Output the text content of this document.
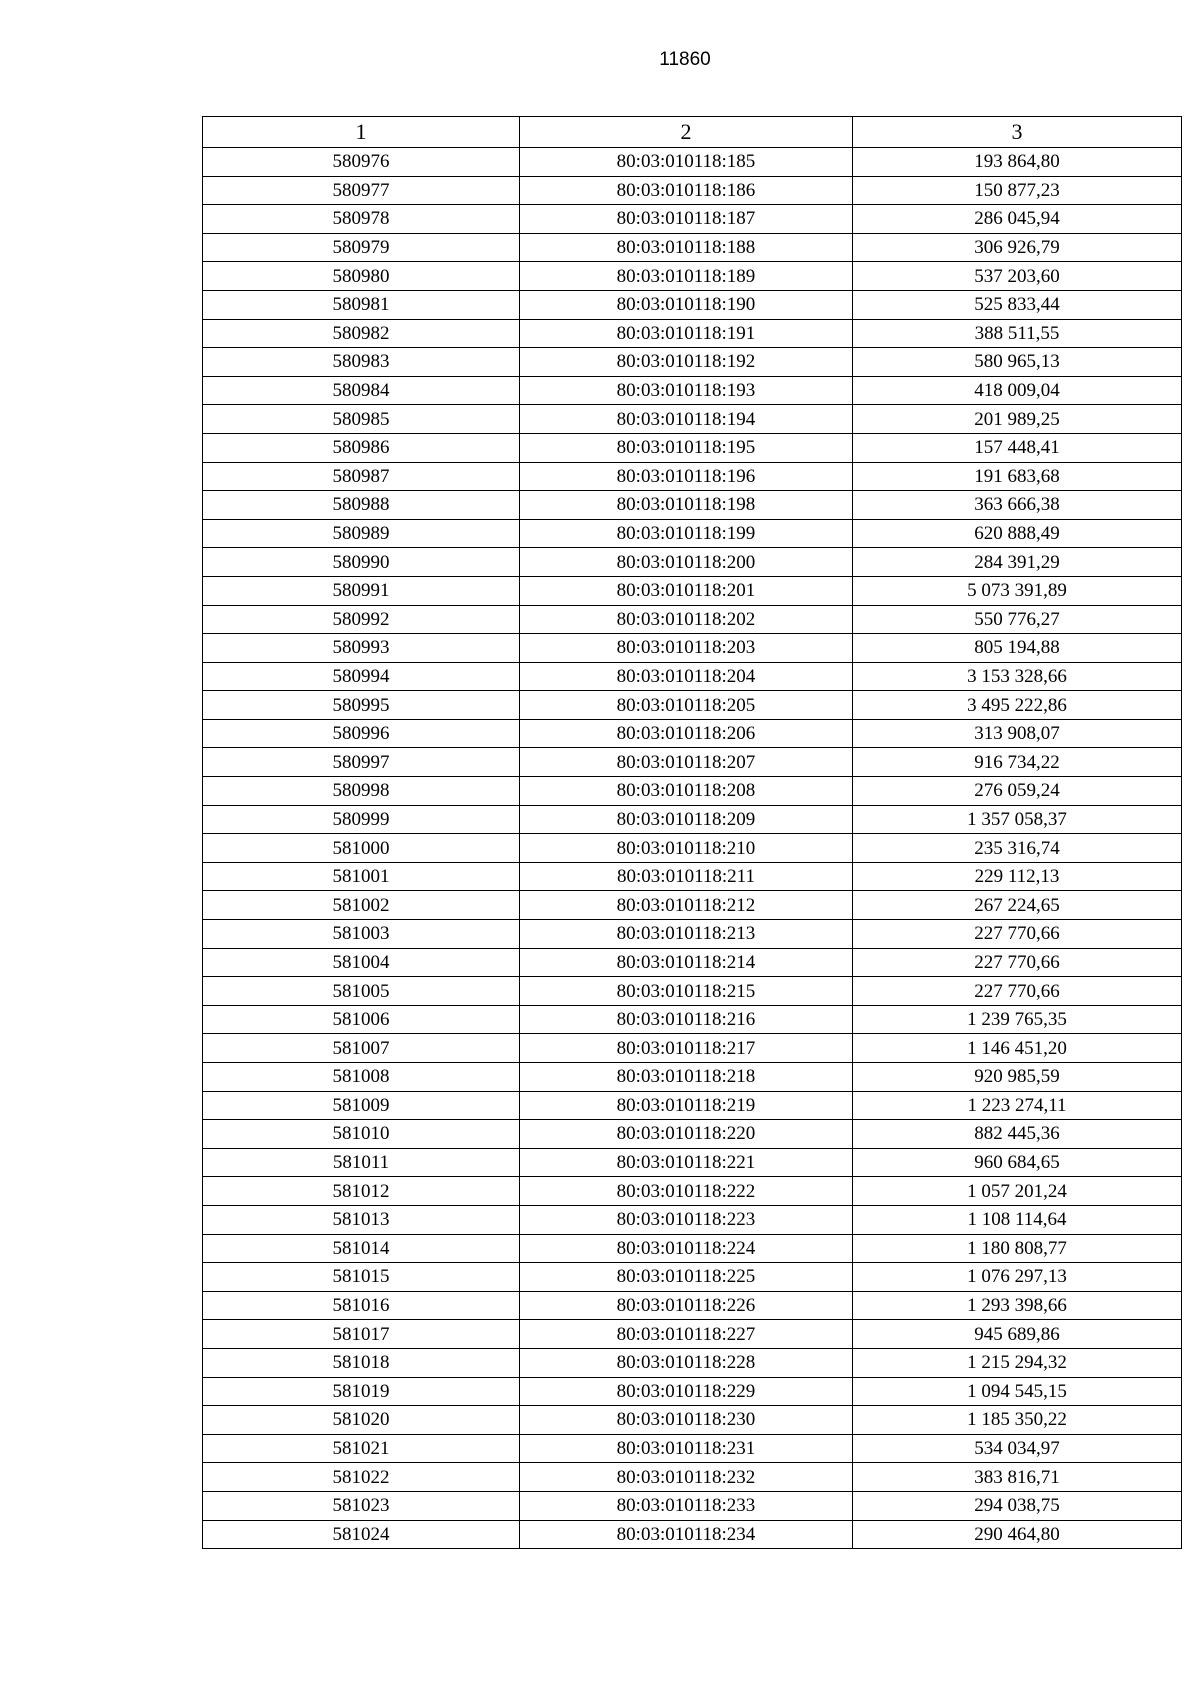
11860
1	2	3
580976	80:03:010118:185	193 864,80
580977	80:03:010118:186	150 877,23
580978	80:03:010118:187	286 045,94
580979	80:03:010118:188	306 926,79
580980	80:03:010118:189	537 203,60
580981	80:03:010118:190	525 833,44
580982	80:03:010118:191	388 511,55
580983	80:03:010118:192	580 965,13
580984	80:03:010118:193	418 009,04
580985	80:03:010118:194	201 989,25
580986	80:03:010118:195	157 448,41
580987	80:03:010118:196	191 683,68
580988	80:03:010118:198	363 666,38
580989	80:03:010118:199	620 888,49
580990	80:03:010118:200	284 391,29
580991	80:03:010118:201	5 073 391,89
580992	80:03:010118:202	550 776,27
580993	80:03:010118:203	805 194,88
580994	80:03:010118:204	3 153 328,66
580995	80:03:010118:205	3 495 222,86
580996	80:03:010118:206	313 908,07
580997	80:03:010118:207	916 734,22
580998	80:03:010118:208	276 059,24
580999	80:03:010118:209	1 357 058,37
581000	80:03:010118:210	235 316,74
581001	80:03:010118:211	229 112,13
581002	80:03:010118:212	267 224,65
581003	80:03:010118:213	227 770,66
581004	80:03:010118:214	227 770,66
581005	80:03:010118:215	227 770,66
581006	80:03:010118:216	1 239 765,35
581007	80:03:010118:217	1 146 451,20
581008	80:03:010118:218	920 985,59
581009	80:03:010118:219	1 223 274,11
581010	80:03:010118:220	882 445,36
581011	80:03:010118:221	960 684,65
581012	80:03:010118:222	1 057 201,24
581013	80:03:010118:223	1 108 114,64
581014	80:03:010118:224	1 180 808,77
581015	80:03:010118:225	1 076 297,13
581016	80:03:010118:226	1 293 398,66
581017	80:03:010118:227	945 689,86
581018	80:03:010118:228	1 215 294,32
581019	80:03:010118:229	1 094 545,15
581020	80:03:010118:230	1 185 350,22
581021	80:03:010118:231	534 034,97
581022	80:03:010118:232	383 816,71
581023	80:03:010118:233	294 038,75
581024	80:03:010118:234	290 464,80
